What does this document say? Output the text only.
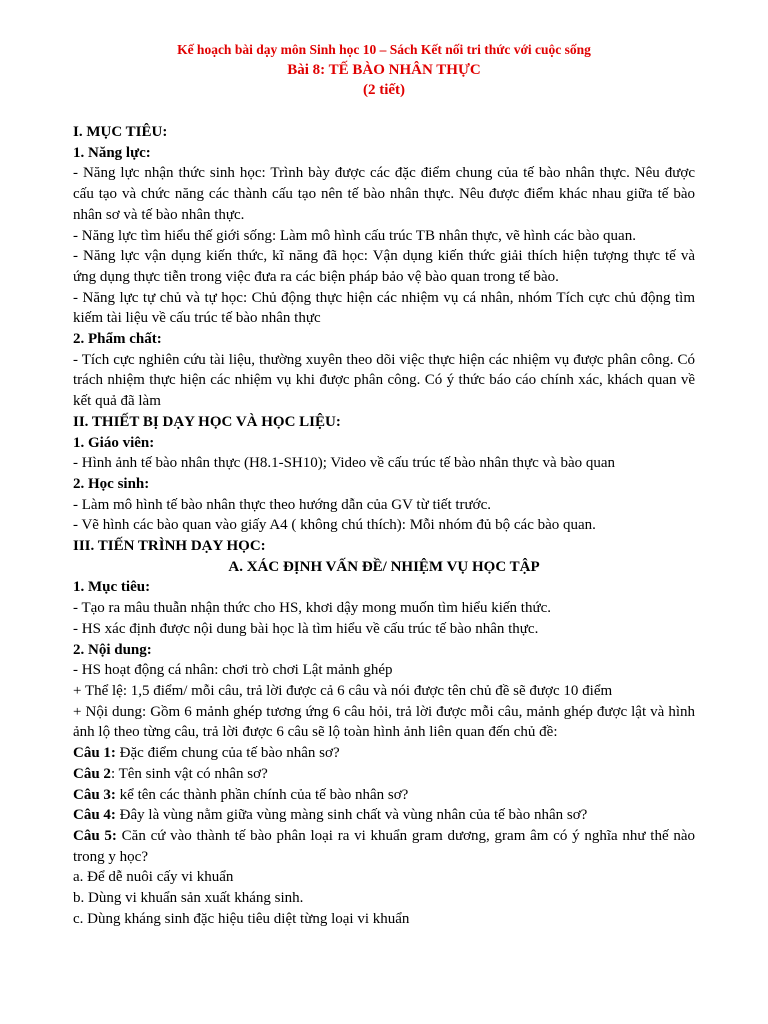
Kế hoạch bài dạy môn Sinh học 10 – Sách Kết nối tri thức với cuộc sống
Bài 8: TẾ BÀO NHÂN THỰC
(2 tiết)

I. MỤC TIÊU:

1. Năng lực:

- Năng lực nhận thức sinh học: Trình bày được các đặc điểm chung của tế bào nhân thực. Nêu được cấu tạo và chức năng các thành cấu tạo nên tế bào nhân thực. Nêu được điểm khác nhau giữa tế bào nhân sơ và tế bào nhân thực.

- Năng lực tìm hiểu thế giới sống: Làm mô hình cấu trúc TB nhân thực, vẽ hình các bào quan.

- Năng lực vận dụng kiến thức, kĩ năng đã học: Vận dụng kiến thức giải thích hiện tượng thực tế và ứng dụng thực tiễn trong việc đưa ra các biện pháp bảo vệ bào quan trong tế bào.

- Năng lực tự chủ và tự học: Chủ động thực hiện các nhiệm vụ cá nhân, nhóm Tích cực chủ động tìm kiếm tài liệu về cấu trúc tế bào nhân thực

2. Phẩm chất:

- Tích cực nghiên cứu tài liệu, thường xuyên theo dõi việc thực hiện các nhiệm vụ được phân công. Có trách nhiệm thực hiện các nhiệm vụ khi được phân công. Có ý thức báo cáo chính xác, khách quan về kết quả đã làm

II. THIẾT BỊ DẠY HỌC VÀ HỌC LIỆU:

1. Giáo viên:

- Hình ảnh tế bào nhân thực (H8.1-SH10); Video về cấu trúc tế bào nhân thực và bào quan

2. Học sinh:

- Làm mô hình tế bào nhân thực theo hướng dẫn của GV từ tiết trước.

- Vẽ hình các bào quan vào giấy A4 ( không chú thích): Mỗi nhóm đủ bộ các bào quan.

III. TIẾN TRÌNH DẠY HỌC:

A. XÁC ĐỊNH VẤN ĐỀ/ NHIỆM VỤ HỌC TẬP

1. Mục tiêu:

- Tạo ra mâu thuẫn nhận thức cho HS, khơi dậy mong muốn tìm hiểu kiến thức.

- HS xác định được nội dung bài học là tìm hiểu về cấu trúc tế bào nhân thực.

2. Nội dung:

- HS hoạt động cá nhân: chơi trò chơi Lật mảnh ghép

+ Thể lệ: 1,5 điểm/ mỗi câu, trả lời được cả 6 câu và nói được tên chủ đề sẽ được 10 điểm

+ Nội dung: Gồm 6 mảnh ghép tương ứng 6 câu hỏi, trả lời được mỗi câu, mảnh ghép được lật và hình ảnh lộ theo từng câu, trả lời được 6 câu sẽ lộ toàn hình ảnh liên quan đến chủ đề:

Câu 1: Đặc điểm chung của tế bào nhân sơ?

Câu 2: Tên sinh vật có nhân sơ?

Câu 3: kể tên các thành phần chính của tế bào nhân sơ?

Câu 4: Đây là vùng nằm giữa vùng màng sinh chất và vùng nhân của tế bào nhân sơ?

Câu 5: Căn cứ vào thành tế bào phân loại ra vi khuẩn gram dương, gram âm có ý nghĩa như thế nào trong y học?

a. Để dễ nuôi cấy vi khuẩn

b. Dùng vi khuẩn sản xuất kháng sinh.

c. Dùng kháng sinh đặc hiệu tiêu diệt từng loại vi khuẩn
